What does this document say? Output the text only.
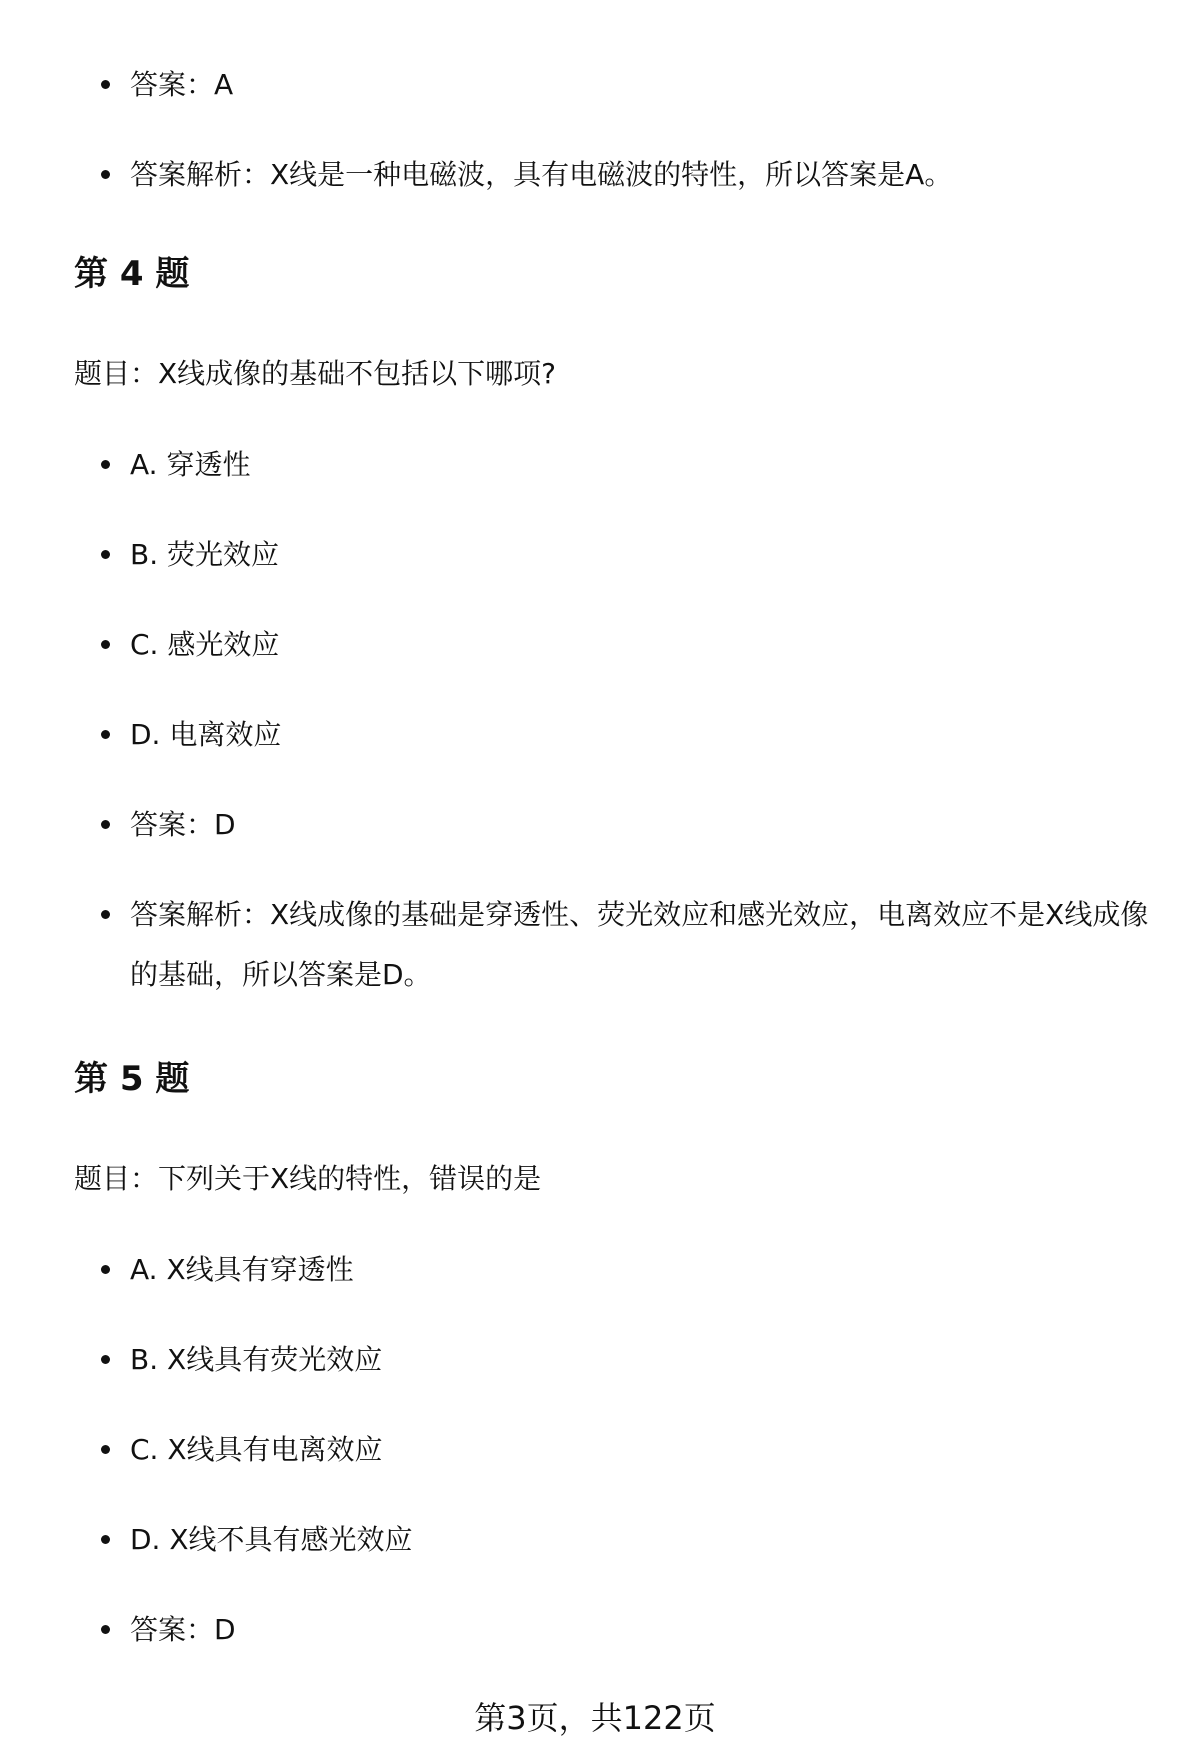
答案：A
答案解析：X线是一种电磁波，具有电磁波的特性，所以答案是A。
第 4 题
题目：X线成像的基础不包括以下哪项?
A. 穿透性
B. 荧光效应
C. 感光效应
D. 电离效应
答案：D
答案解析：X线成像的基础是穿透性、荧光效应和感光效应，电离效应不是X线成像的基础，所以答案是D。
第 5 题
题目：下列关于X线的特性，错误的是
A. X线具有穿透性
B. X线具有荧光效应
C. X线具有电离效应
D. X线不具有感光效应
答案：D
第3页，共122页
